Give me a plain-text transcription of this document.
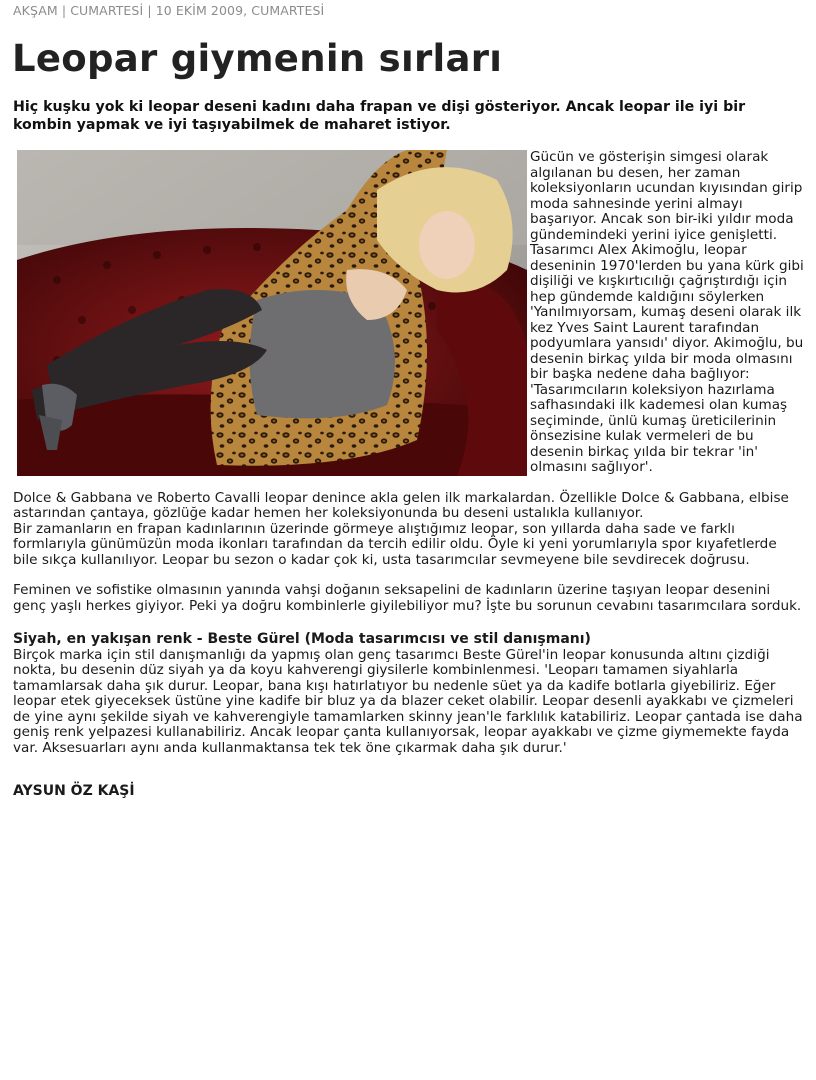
AKŞAM | CUMARTESİ | 10 EKİM 2009, CUMARTESİ
Leopar giymenin sırları

Hiç kuşku yok ki leopar deseni kadını daha frapan ve dişi gösteriyor. Ancak leopar ile iyi bir kombin yapmak ve iyi taşıyabilmek de maharet istiyor.

Gücün ve gösterişin simgesi olarak algılanan bu desen, her zaman koleksiyonların ucundan kıyısından girip moda sahnesinde yerini almayı başarıyor. Ancak son bir-iki yıldır moda gündemindeki yerini iyice genişletti. Tasarımcı Alex Akimoğlu, leopar deseninin 1970'lerden bu yana kürk gibi dişiliği ve kışkırtıcılığı çağrıştırdığı için hep gündemde kaldığını söylerken 'Yanılmıyorsam, kumaş deseni olarak ilk kez Yves Saint Laurent tarafından podyumlara yansıdı' diyor. Akimoğlu, bu desenin birkaç yılda bir moda olmasını bir başka nedene daha bağlıyor: 'Tasarımcıların koleksiyon hazırlama safhasındaki ilk kademesi olan kumaş seçiminde, ünlü kumaş üreticilerinin önsezisine kulak vermeleri de bu desenin birkaç yılda bir tekrar 'in' olmasını sağlıyor'.

Dolce & Gabbana ve Roberto Cavalli leopar denince akla gelen ilk markalardan. Özellikle Dolce & Gabbana, elbise astarından çantaya, gözlüğe kadar hemen her koleksiyonunda bu deseni ustalıkla kullanıyor.

Bir zamanların en frapan kadınlarının üzerinde görmeye alıştığımız leopar, son yıllarda daha sade ve farklı formlarıyla günümüzün moda ikonları tarafından da tercih edilir oldu. Öyle ki yeni yorumlarıyla spor kıyafetlerde bile sıkça kullanılıyor. Leopar bu sezon o kadar çok ki, usta tasarımcılar sevmeyene bile sevdirecek doğrusu.

Feminen ve sofistike olmasının yanında vahşi doğanın seksapelini de kadınların üzerine taşıyan leopar desenini genç yaşlı herkes giyiyor. Peki ya doğru kombinlerle giyilebiliyor mu? İşte bu sorunun cevabını tasarımcılara sorduk.

Siyah, en yakışan renk - Beste Gürel (Moda tasarımcısı ve stil danışmanı)

Birçok marka için stil danışmanlığı da yapmış olan genç tasarımcı Beste Gürel'in leopar konusunda altını çizdiği nokta, bu desenin düz siyah ya da koyu kahverengi giysilerle kombinlenmesi. 'Leoparı tamamen siyahlarla tamamlarsak daha şık durur. Leopar, bana kışı hatırlatıyor bu nedenle süet ya da kadife botlarla giyebiliriz. Eğer leopar etek giyeceksek üstüne yine kadife bir bluz ya da blazer ceket olabilir. Leopar desenli ayakkabı ve çizmeleri de yine aynı şekilde siyah ve kahverengiyle tamamlarken skinny jean'le farklılık katabiliriz. Leopar çantada ise daha geniş renk yelpazesi kullanabiliriz. Ancak leopar çanta kullanıyorsak, leopar ayakkabı ve çizme giymemekte fayda var. Aksesuarları aynı anda kullanmaktansa tek tek öne çıkarmak daha şık durur.'

AYSUN ÖZ KAŞİ
